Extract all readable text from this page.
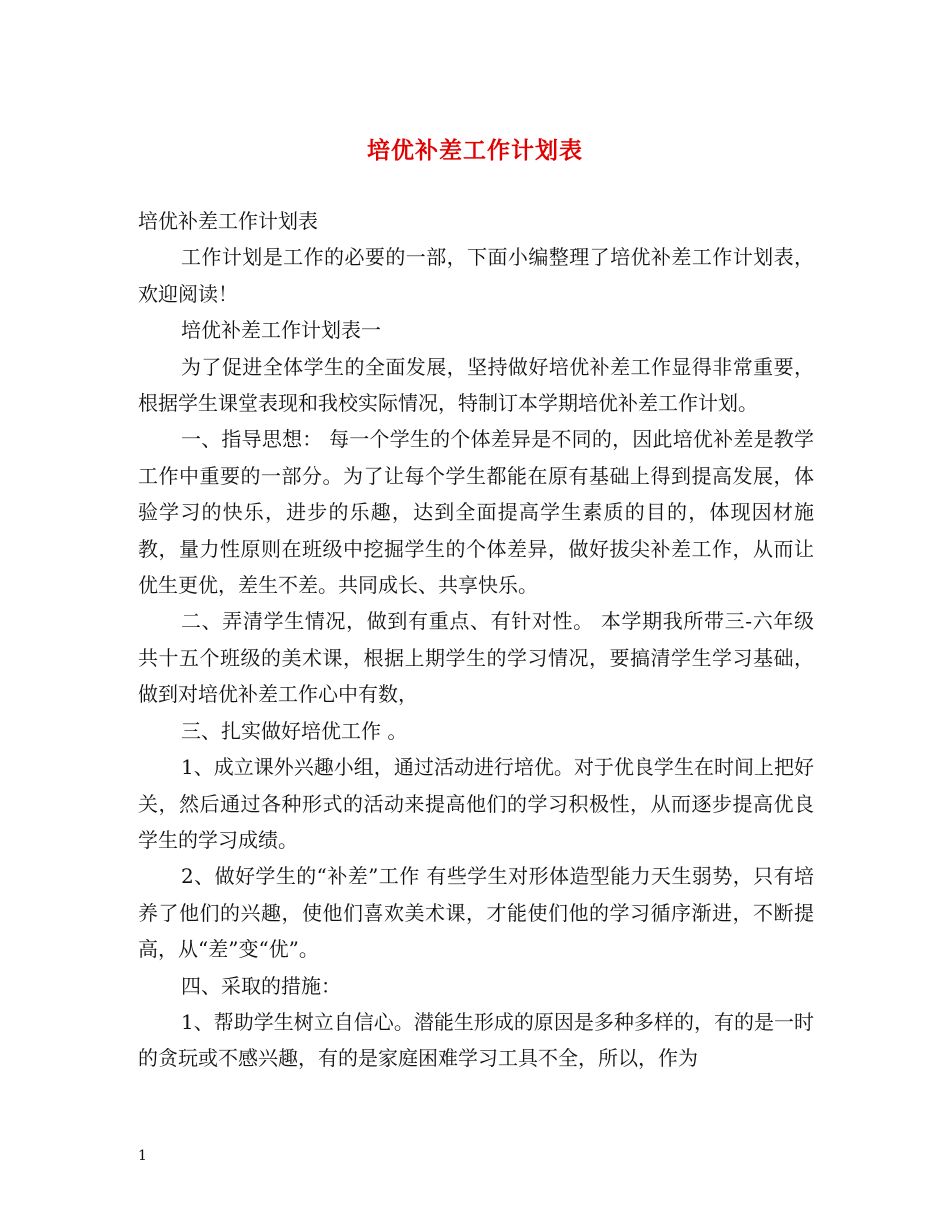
培优补差工作计划表

培优补差工作计划表

工作计划是工作的必要的一部，下面小编整理了培优补差工作计划表，欢迎阅读！

培优补差工作计划表一

为了促进全体学生的全面发展，坚持做好培优补差工作显得非常重要，根据学生课堂表现和我校实际情况，特制订本学期培优补差工作计划。

一、指导思想： 每一个学生的个体差异是不同的，因此培优补差是教学工作中重要的一部分。为了让每个学生都能在原有基础上得到提高发展，体验学习的快乐，进步的乐趣，达到全面提高学生素质的目的，体现因材施教，量力性原则在班级中挖掘学生的个体差异，做好拔尖补差工作，从而让优生更优，差生不差。共同成长、共享快乐。

二、弄清学生情况，做到有重点、有针对性。 本学期我所带三-六年级共十五个班级的美术课，根据上期学生的学习情况，要搞清学生学习基础，做到对培优补差工作心中有数，

三、扎实做好培优工作 。

1、成立课外兴趣小组，通过活动进行培优。对于优良学生在时间上把好关，然后通过各种形式的活动来提高他们的学习积极性，从而逐步提高优良学生的学习成绩。

2、做好学生的“补差”工作 有些学生对形体造型能力天生弱势，只有培养了他们的兴趣，使他们喜欢美术课，才能使们他的学习循序渐进，不断提高，从“差”变“优”。

四、采取的措施：

1、帮助学生树立自信心。潜能生形成的原因是多种多样的，有的是一时的贪玩或不感兴趣，有的是家庭困难学习工具不全，所以，作为

1
